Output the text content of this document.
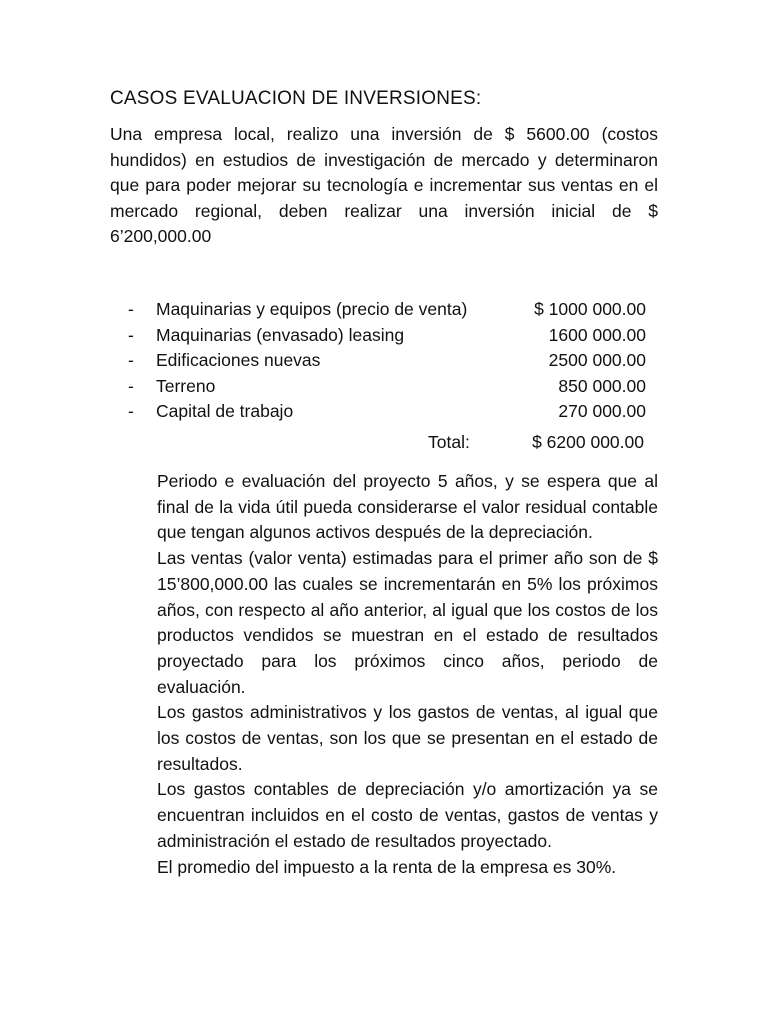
CASOS EVALUACION DE INVERSIONES:
Una empresa local, realizo una inversión de $ 5600.00 (costos hundidos) en estudios de investigación de mercado y determinaron que para poder mejorar su tecnología e incrementar sus ventas en el mercado regional, deben realizar una inversión inicial de $ 6’200,000.00
- Maquinarias y equipos (precio de venta)	$ 1000 000.00
- Maquinarias (envasado) leasing	1600 000.00
- Edificaciones nuevas	2500 000.00
- Terreno	850 000.00
- Capital de trabajo	270 000.00
Total:	$ 6200 000.00

Periodo e evaluación del proyecto 5 años, y se espera que al final de la vida útil pueda considerarse el valor residual contable que tengan algunos activos después de la depreciación.

Las ventas (valor venta) estimadas para el primer año son de $ 15’800,000.00 las cuales se incrementarán en 5% los próximos años, con respecto al año anterior, al igual que los costos de los productos vendidos se muestran en el estado de resultados proyectado para los próximos cinco años, periodo de evaluación.

Los gastos administrativos y los gastos de ventas, al igual que los costos de ventas, son los que se presentan en el estado de resultados.

Los gastos contables de depreciación y/o amortización ya se encuentran incluidos en el costo de ventas, gastos de ventas y administración el estado de resultados proyectado.

El promedio del impuesto a la renta de la empresa es 30%.
